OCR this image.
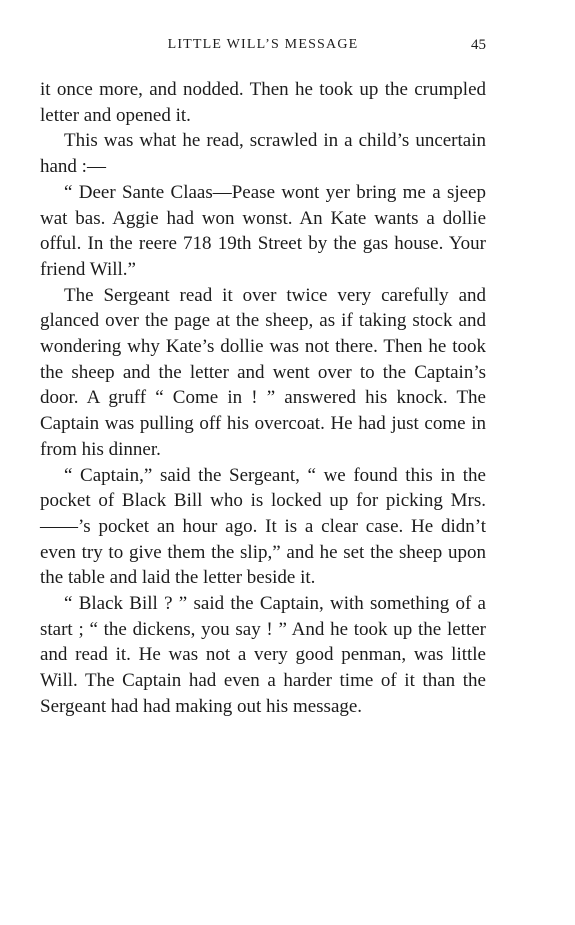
LITTLE WILL’S MESSAGE	45

it once more, and nodded. Then he took up the crumpled letter and opened it.

This was what he read, scrawled in a child’s uncertain hand :—

“ Deer Sante Claas—Pease wont yer bring me a sjeep wat bas. Aggie had won wonst. An Kate wants a dollie offul. In the reere 718 19th Street by the gas house. Your friend Will.”

The Sergeant read it over twice very carefully and glanced over the page at the sheep, as if taking stock and wondering why Kate’s dollie was not there. Then he took the sheep and the letter and went over to the Captain’s door. A gruff “ Come in ! ” answered his knock. The Captain was pulling off his overcoat. He had just come in from his dinner.

“ Captain,” said the Sergeant, “ we found this in the pocket of Black Bill who is locked up for picking Mrs. ——’s pocket an hour ago. It is a clear case. He didn’t even try to give them the slip,” and he set the sheep upon the table and laid the letter beside it.

“ Black Bill ? ” said the Captain, with something of a start ; “ the dickens, you say ! ” And he took up the letter and read it. He was not a very good penman, was little Will. The Captain had even a harder time of it than the Sergeant had had making out his message.
